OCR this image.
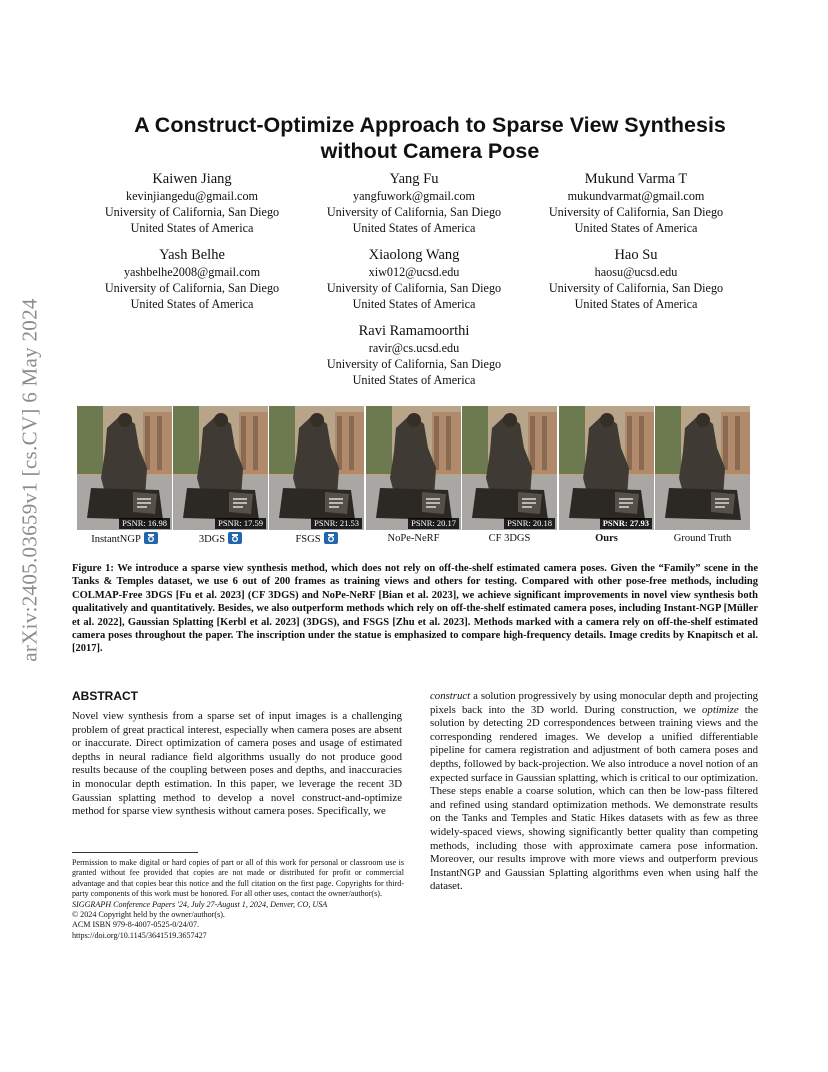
arXiv:2405.03659v1 [cs.CV] 6 May 2024
A Construct-Optimize Approach to Sparse View Synthesis
without Camera Pose
Kaiwen Jiang
kevinjiangedu@gmail.com
University of California, San Diego
United States of America
Yang Fu
yangfuwork@gmail.com
University of California, San Diego
United States of America
Mukund Varma T
mukundvarmat@gmail.com
University of California, San Diego
United States of America
Yash Belhe
yashbelhe2008@gmail.com
University of California, San Diego
United States of America
Xiaolong Wang
xiw012@ucsd.edu
University of California, San Diego
United States of America
Hao Su
haosu@ucsd.edu
University of California, San Diego
United States of America
Ravi Ramamoorthi
ravir@cs.ucsd.edu
University of California, San Diego
United States of America
PSNR: 16.98	PSNR: 17.59	PSNR: 21.53	PSNR: 20.17	PSNR: 20.18	PSNR: 27.93
InstantNGP	3DGS	FSGS	NoPe-NeRF	CF 3DGS	Ours	Ground Truth
Figure 1: We introduce a sparse view synthesis method, which does not rely on off-the-shelf estimated camera poses. Given the “Family” scene in the Tanks & Temples dataset, we use 6 out of 200 frames as training views and others for testing. Compared with other pose-free methods, including COLMAP-Free 3DGS [Fu et al. 2023] (CF 3DGS) and NoPe-NeRF [Bian et al. 2023], we achieve significant improvements in novel view synthesis both qualitatively and quantitatively. Besides, we also outperform methods which rely on off-the-shelf estimated camera poses, including Instant-NGP [Müller et al. 2022], Gaussian Splatting [Kerbl et al. 2023] (3DGS), and FSGS [Zhu et al. 2023]. Methods marked with a camera rely on off-the-shelf estimated camera poses throughout the paper. The inscription under the statue is emphasized to compare high-frequency details. Image credits by Knapitsch et al. [2017].
ABSTRACT
Novel view synthesis from a sparse set of input images is a challenging problem of great practical interest, especially when camera poses are absent or inaccurate. Direct optimization of camera poses and usage of estimated depths in neural radiance field algorithms usually do not produce good results because of the coupling between poses and depths, and inaccuracies in monocular depth estimation. In this paper, we leverage the recent 3D Gaussian splatting method to develop a novel construct-and-optimize method for sparse view synthesis without camera poses. Specifically, we
construct a solution progressively by using monocular depth and projecting pixels back into the 3D world. During construction, we optimize the solution by detecting 2D correspondences between training views and the corresponding rendered images. We develop a unified differentiable pipeline for camera registration and adjustment of both camera poses and depths, followed by back-projection. We also introduce a novel notion of an expected surface in Gaussian splatting, which is critical to our optimization. These steps enable a coarse solution, which can then be low-pass filtered and refined using standard optimization methods. We demonstrate results on the Tanks and Temples and Static Hikes datasets with as few as three widely-spaced views, showing significantly better quality than competing methods, including those with approximate camera pose information. Moreover, our results improve with more views and outperform previous InstantNGP and Gaussian Splatting algorithms even when using half the dataset.
Permission to make digital or hard copies of part or all of this work for personal or classroom use is granted without fee provided that copies are not made or distributed for profit or commercial advantage and that copies bear this notice and the full citation on the first page. Copyrights for third-party components of this work must be honored. For all other uses, contact the owner/author(s).
SIGGRAPH Conference Papers '24, July 27-August 1, 2024, Denver, CO, USA
© 2024 Copyright held by the owner/author(s).
ACM ISBN 979-8-4007-0525-0/24/07.
https://doi.org/10.1145/3641519.3657427
